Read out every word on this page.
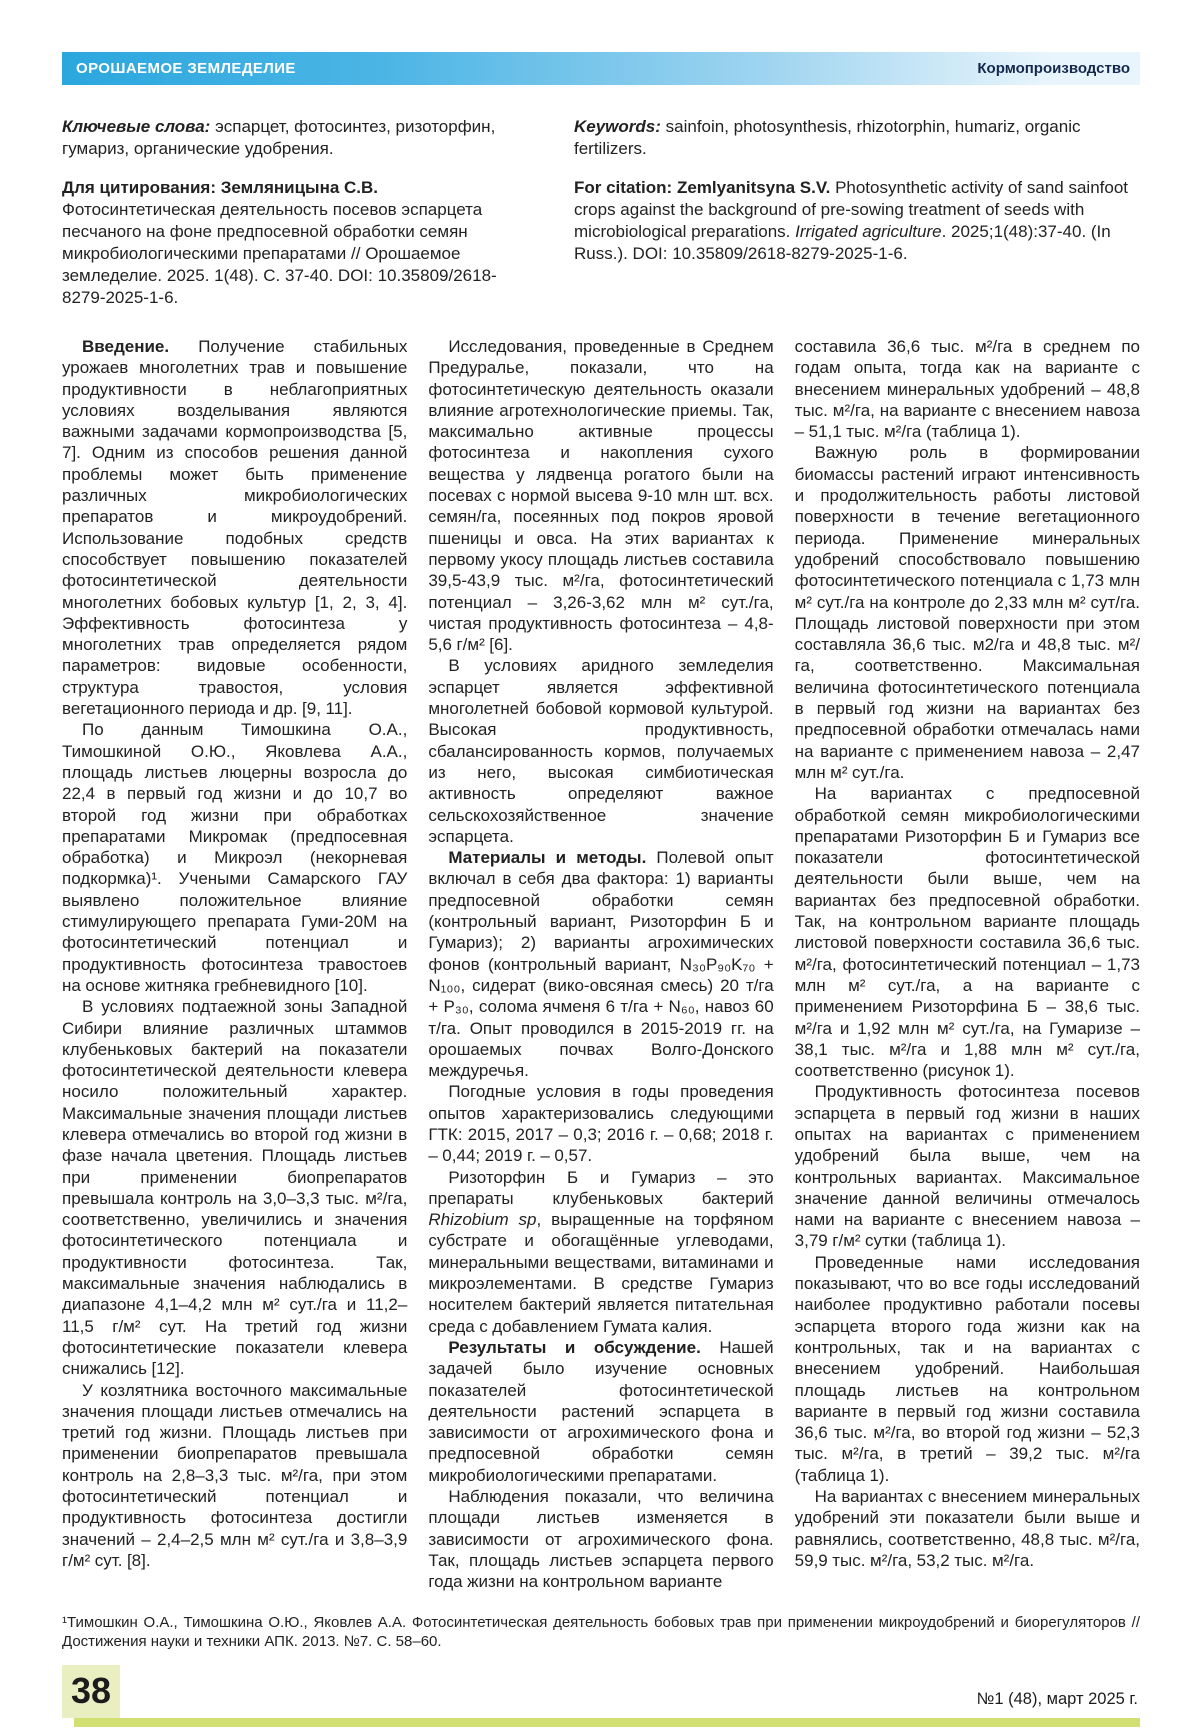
ОРОШАЕМОЕ ЗЕМЛЕДЕЛИЕ	Кормопроизводство

Ключевые слова: эспарцет, фотосинтез, ризоторфин, гумариз, органические удобрения.

Keywords: sainfoin, photosynthesis, rhizotorphin, humariz, organic fertilizers.

Для цитирования: Земляницына С.В. Фотосинтетическая деятельность посевов эспарцета песчаного на фоне предпосевной обработки семян микробиологическими препаратами // Орошаемое земледелие. 2025. 1(48). С. 37-40. DOI: 10.35809/2618-8279-2025-1-6.

For citation: Zemlyanitsyna S.V. Photosynthetic activity of sand sainfoot crops against the background of pre-sowing treatment of seeds with microbiological preparations. Irrigated agriculture. 2025;1(48):37-40. (In Russ.). DOI: 10.35809/2618-8279-2025-1-6.

Введение. Получение стабильных урожаев многолетних трав и повышение продуктивности в неблагоприятных условиях возделывания являются важными задачами кормопроизводства [5, 7]. Одним из способов решения данной проблемы может быть применение различных микробиологических препаратов и микроудобрений. Использование подобных средств способствует повышению показателей фотосинтетической деятельности многолетних бобовых культур [1, 2, 3, 4]. Эффективность фотосинтеза у многолетних трав определяется рядом параметров: видовые особенности, структура травостоя, условия вегетационного периода и др. [9, 11].

По данным Тимошкина О.А., Тимошкиной О.Ю., Яковлева А.А., площадь листьев люцерны возросла до 22,4 в первый год жизни и до 10,7 во второй год жизни при обработках препаратами Микромак (предпосевная обработка) и Микроэл (некорневая подкормка)¹. Учеными Самарского ГАУ выявлено положительное влияние стимулирующего препарата Гуми-20М на фотосинтетический потенциал и продуктивность фотосинтеза травостоев на основе житняка гребневидного [10].

В условиях подтаежной зоны Западной Сибири влияние различных штаммов клубеньковых бактерий на показатели фотосинтетической деятельности клевера носило положительный характер. Максимальные значения площади листьев клевера отмечались во второй год жизни в фазе начала цветения. Площадь листьев при применении биопрепаратов превышала контроль на 3,0–3,3 тыс. м²/га, соответственно, увеличились и значения фотосинтетического потенциала и продуктивности фотосинтеза. Так, максимальные значения наблюдались в диапазоне 4,1–4,2 млн м² сут./га и 11,2–11,5 г/м² сут. На третий год жизни фотосинтетические показатели клевера снижались [12].

У козлятника восточного максимальные значения площади листьев отмечались на третий год жизни. Площадь листьев при применении биопрепаратов превышала контроль на 2,8–3,3 тыс. м²/га, при этом фотосинтетический потенциал и продуктивность фотосинтеза достигли значений – 2,4–2,5 млн м² сут./га и 3,8–3,9 г/м² сут. [8].

Исследования, проведенные в Среднем Предуралье, показали, что на фотосинтетическую деятельность оказали влияние агротехнологические приемы. Так, максимально активные процессы фотосинтеза и накопления сухого вещества у лядвенца рогатого были на посевах с нормой высева 9-10 млн шт. всх. семян/га, посеянных под покров яровой пшеницы и овса. На этих вариантах к первому укосу площадь листьев составила 39,5-43,9 тыс. м²/га, фотосинтетический потенциал – 3,26-3,62 млн м² сут./га, чистая продуктивность фотосинтеза – 4,8-5,6 г/м² [6].

В условиях аридного земледелия эспарцет является эффективной многолетней бобовой кормовой культурой. Высокая продуктивность, сбалансированность кормов, получаемых из него, высокая симбиотическая активность определяют важное сельскохозяйственное значение эспарцета.

Материалы и методы. Полевой опыт включал в себя два фактора: 1) варианты предпосевной обработки семян (контрольный вариант, Ризоторфин Б и Гумариз); 2) варианты агрохимических фонов (контрольный вариант, N₃₀P₉₀K₇₀ + N₁₀₀, сидерат (вико-овсяная смесь) 20 т/га + P₃₀, солома ячменя 6 т/га + N₆₀, навоз 60 т/га. Опыт проводился в 2015-2019 гг. на орошаемых почвах Волго-Донского междуречья.

Погодные условия в годы проведения опытов характеризовались следующими ГТК: 2015, 2017 – 0,3; 2016 г. – 0,68; 2018 г. – 0,44; 2019 г. – 0,57.

Ризоторфин Б и Гумариз – это препараты клубеньковых бактерий Rhizobium sp, выращенные на торфяном субстрате и обогащённые углеводами, минеральными веществами, витаминами и микроэлементами. В средстве Гумариз носителем бактерий является питательная среда с добавлением Гумата калия.

Результаты и обсуждение. Нашей задачей было изучение основных показателей фотосинтетической деятельности растений эспарцета в зависимости от агрохимического фона и предпосевной обработки семян микробиологическими препаратами.

Наблюдения показали, что величина площади листьев изменяется в зависимости от агрохимического фона. Так, площадь листьев эспарцета первого года жизни на контрольном варианте

составила 36,6 тыс. м²/га в среднем по годам опыта, тогда как на варианте с внесением минеральных удобрений – 48,8 тыс. м²/га, на варианте с внесением навоза – 51,1 тыс. м²/га (таблица 1).

Важную роль в формировании биомассы растений играют интенсивность и продолжительность работы листовой поверхности в течение вегетационного периода. Применение минеральных удобрений способствовало повышению фотосинтетического потенциала с 1,73 млн м² сут./га на контроле до 2,33 млн м² сут/га. Площадь листовой поверхности при этом составляла 36,6 тыс. м2/га и 48,8 тыс. м²/га, соответственно. Максимальная величина фотосинтетического потенциала в первый год жизни на вариантах без предпосевной обработки отмечалась нами на варианте с применением навоза – 2,47 млн м² сут./га.

На вариантах с предпосевной обработкой семян микробиологическими препаратами Ризоторфин Б и Гумариз все показатели фотосинтетической деятельности были выше, чем на вариантах без предпосевной обработки. Так, на контрольном варианте площадь листовой поверхности составила 36,6 тыс. м²/га, фотосинтетический потенциал – 1,73 млн м² сут./га, а на варианте с применением Ризоторфина Б – 38,6 тыс. м²/га и 1,92 млн м² сут./га, на Гумаризе – 38,1 тыс. м²/га и 1,88 млн м² сут./га, соответственно (рисунок 1).

Продуктивность фотосинтеза посевов эспарцета в первый год жизни в наших опытах на вариантах с применением удобрений была выше, чем на контрольных вариантах. Максимальное значение данной величины отмечалось нами на варианте с внесением навоза – 3,79 г/м² сутки (таблица 1).

Проведенные нами исследования показывают, что во все годы исследований наиболее продуктивно работали посевы эспарцета второго года жизни как на контрольных, так и на вариантах с внесением удобрений. Наибольшая площадь листьев на контрольном варианте в первый год жизни составила 36,6 тыс. м²/га, во второй год жизни – 52,3 тыс. м²/га, в третий – 39,2 тыс. м²/га (таблица 1).

На вариантах с внесением минеральных удобрений эти показатели были выше и равнялись, соответственно, 48,8 тыс. м²/га, 59,9 тыс. м²/га, 53,2 тыс. м²/га.

¹Тимошкин О.А., Тимошкина О.Ю., Яковлев А.А. Фотосинтетическая деятельность бобовых трав при применении микроудобрений и биорегуляторов // Достижения науки и техники АПК. 2013. №7. С. 58–60.

38	№1 (48), март 2025 г.
